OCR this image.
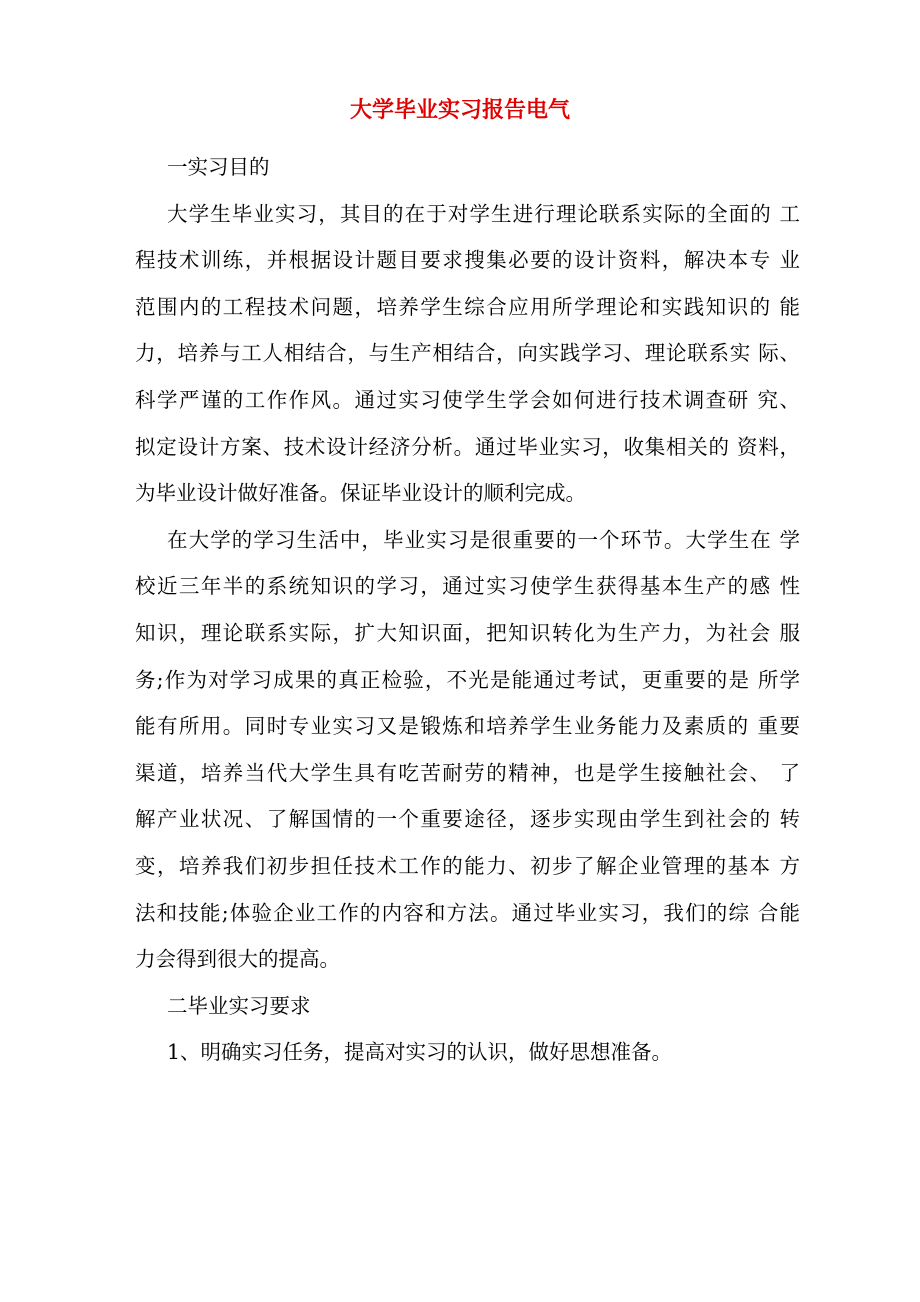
大学毕业实习报告电气
一实习目的
大学生毕业实习，其目的在于对学生进行理论联系实际的全面的 工
程技术训练，并根据设计题目要求搜集必要的设计资料，解决本专 业
范围内的工程技术问题，培养学生综合应用所学理论和实践知识的 能
力，培养与工人相结合，与生产相结合，向实践学习、理论联系实 际、
科学严谨的工作作风。通过实习使学生学会如何进行技术调查研 究、
拟定设计方案、技术设计经济分析。通过毕业实习，收集相关的 资料，
为毕业设计做好准备。保证毕业设计的顺利完成。
在大学的学习生活中，毕业实习是很重要的一个环节。大学生在 学
校近三年半的系统知识的学习，通过实习使学生获得基本生产的感 性
知识，理论联系实际，扩大知识面，把知识转化为生产力，为社会 服
务;作为对学习成果的真正检验，不光是能通过考试，更重要的是 所学
能有所用。同时专业实习又是锻炼和培养学生业务能力及素质的 重要
渠道，培养当代大学生具有吃苦耐劳的精神，也是学生接触社会、 了
解产业状况、了解国情的一个重要途径，逐步实现由学生到社会的 转
变，培养我们初步担任技术工作的能力、初步了解企业管理的基本 方
法和技能;体验企业工作的内容和方法。通过毕业实习，我们的综 合能
力会得到很大的提高。
二毕业实习要求
1、明确实习任务，提高对实习的认识，做好思想准备。
